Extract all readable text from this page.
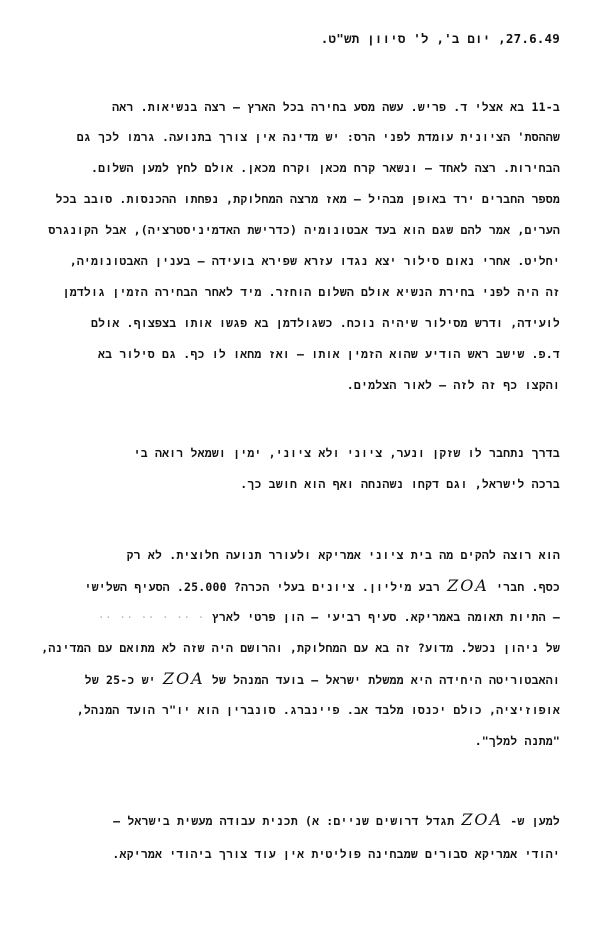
27.6.49, יום ב', ל' סיוון תש"ט.
ב-11 בא אצלי ד. פריש. עשה מסע בחירה בכל הארץ – רצה בנשיאות. ראה
שההסת' הציונית עומדת לפני הרס: יש מדינה אין צורך בתנועה. גרמו לכך גם
הבחירות. רצה לאחד – ונשאר קרח מכאן וקרח מכאן. אולם לחץ למען השלום.
מספר החברים ירד באופן מבהיל – מאז מרצה המחלוקת, נפחתו ההכנסות. סובב בכל
הערים, אמר להם שגם הוא בעד אבטונומיה (כדרישת האדמיניסטרציה), אבל הקונגרס
יחליט. אחרי נאום סילור יצא נגדו עזרא שפירא בועידה – בענין האבטונומיה,
זה היה לפני בחירת הנשיא אולם השלום הוחזר. מיד לאחר הבחירה הזמין גולדמן
לועידה, ודרש מסילור שיהיה נוכח. כשגולדמן בא פגשו אותו בצפצוף. אולם
ד.פ. שישב ראש הודיע שהוא הזמין אותו – ואז מחאו לו כף. גם סילור בא
והקצו כף זה לזה – לאור הצלמים.
בדרך נתחבר לו שזקן ונער, ציוני ולא ציוני, ימין ושמאל רואה בי
ברכה לישראל, וגם דקחו נשהנחה ואף הוא חושב כך.
הוא רוצה להקים מה בית ציוני אמריקא ולעורר תנועה חלוצית. לא רק
כסף. חברי ZOA רבע מיליון. ציונים בעלי הכרה? 25.000. הסעיף השלישי
– התיות תאומה באמריקא. סעיף רביעי – הון פרטי לארץ · ·· · ·· ·· ··
של ניהון נכשל. מדוע? זה בא עם המחלוקת, והרושם היה שזה לא מתואם עם המדינה,
והאבטוריטה היחידה היא ממשלת ישראל – בועד המנהל של ZOA יש כ-25 של
אופוזיציה, כולם יכנסו מלבד אב. פיינברג. סונברין הוא יו"ר הועד המנהל,
"מתנה למלך".
למען ש- ZOA תגדל דרושים שניים: א) תכנית עבודה מעשית בישראל –
יהודי אמריקא סבורים שמבחינה פוליטית אין עוד צורך ביהודי אמריקא.
